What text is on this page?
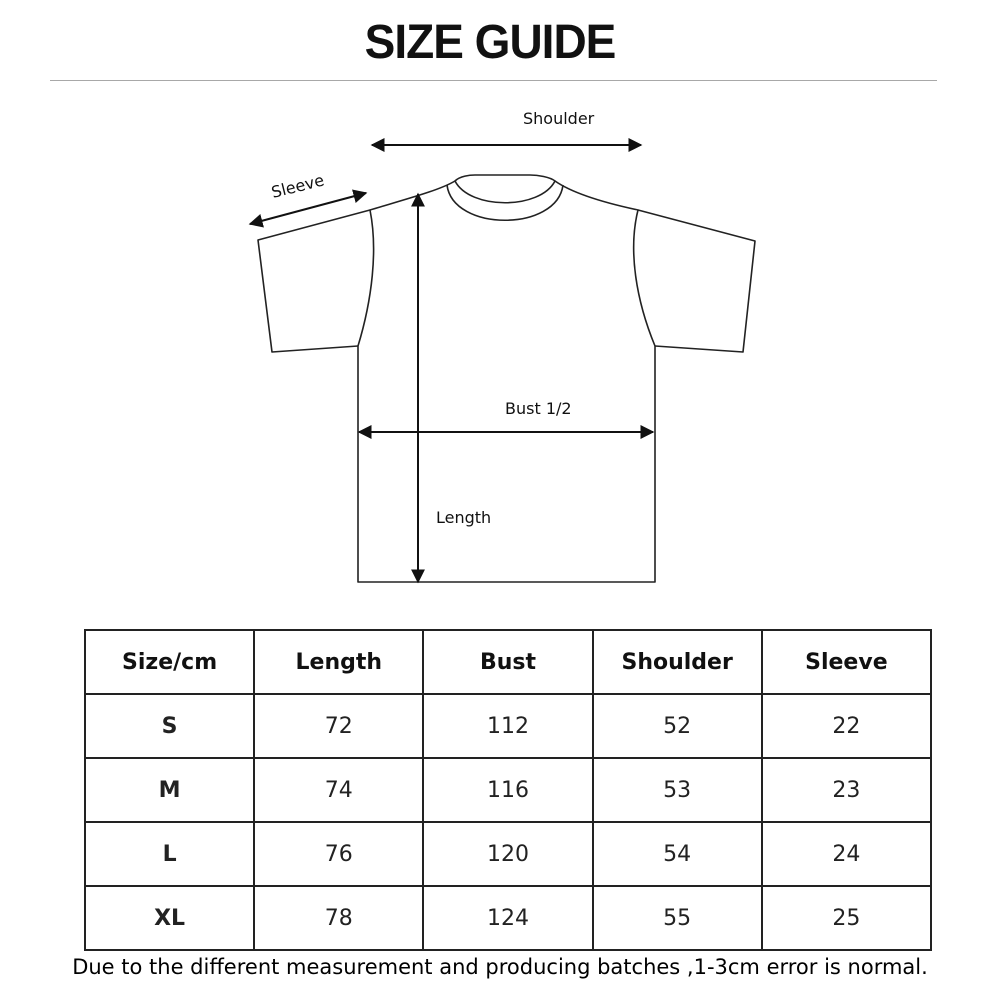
SIZE GUIDE
Shoulder
Sleeve
Bust 1/2
Length
Size/cm	Length	Bust	Shoulder	Sleeve
S	72	112	52	22
M	74	116	53	23
L	76	120	54	24
XL	78	124	55	25
Due to the different measurement and producing batches ,1-3cm error is normal.
